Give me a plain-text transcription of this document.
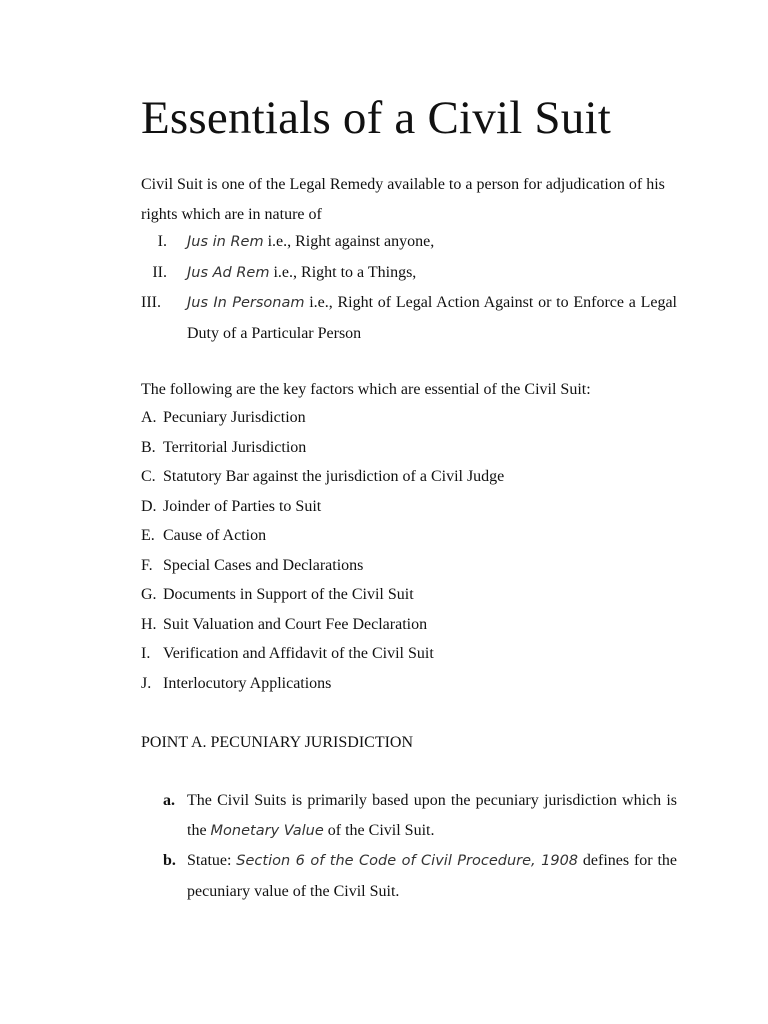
Essentials of a Civil Suit

Civil Suit is one of the Legal Remedy available to a person for adjudication of his rights which are in nature of

I. Jus in Rem i.e., Right against anyone,
II. Jus Ad Rem i.e., Right to a Things,
III. Jus In Personam i.e., Right of Legal Action Against or to Enforce a Legal Duty of a Particular Person

The following are the key factors which are essential of the Civil Suit:

A. Pecuniary Jurisdiction
B. Territorial Jurisdiction
C. Statutory Bar against the jurisdiction of a Civil Judge
D. Joinder of Parties to Suit
E. Cause of Action
F. Special Cases and Declarations
G. Documents in Support of the Civil Suit
H. Suit Valuation and Court Fee Declaration
I. Verification and Affidavit of the Civil Suit
J. Interlocutory Applications

POINT A. PECUNIARY JURISDICTION

a. The Civil Suits is primarily based upon the pecuniary jurisdiction which is the Monetary Value of the Civil Suit.
b. Statue: Section 6 of the Code of Civil Procedure, 1908 defines for the pecuniary value of the Civil Suit.
